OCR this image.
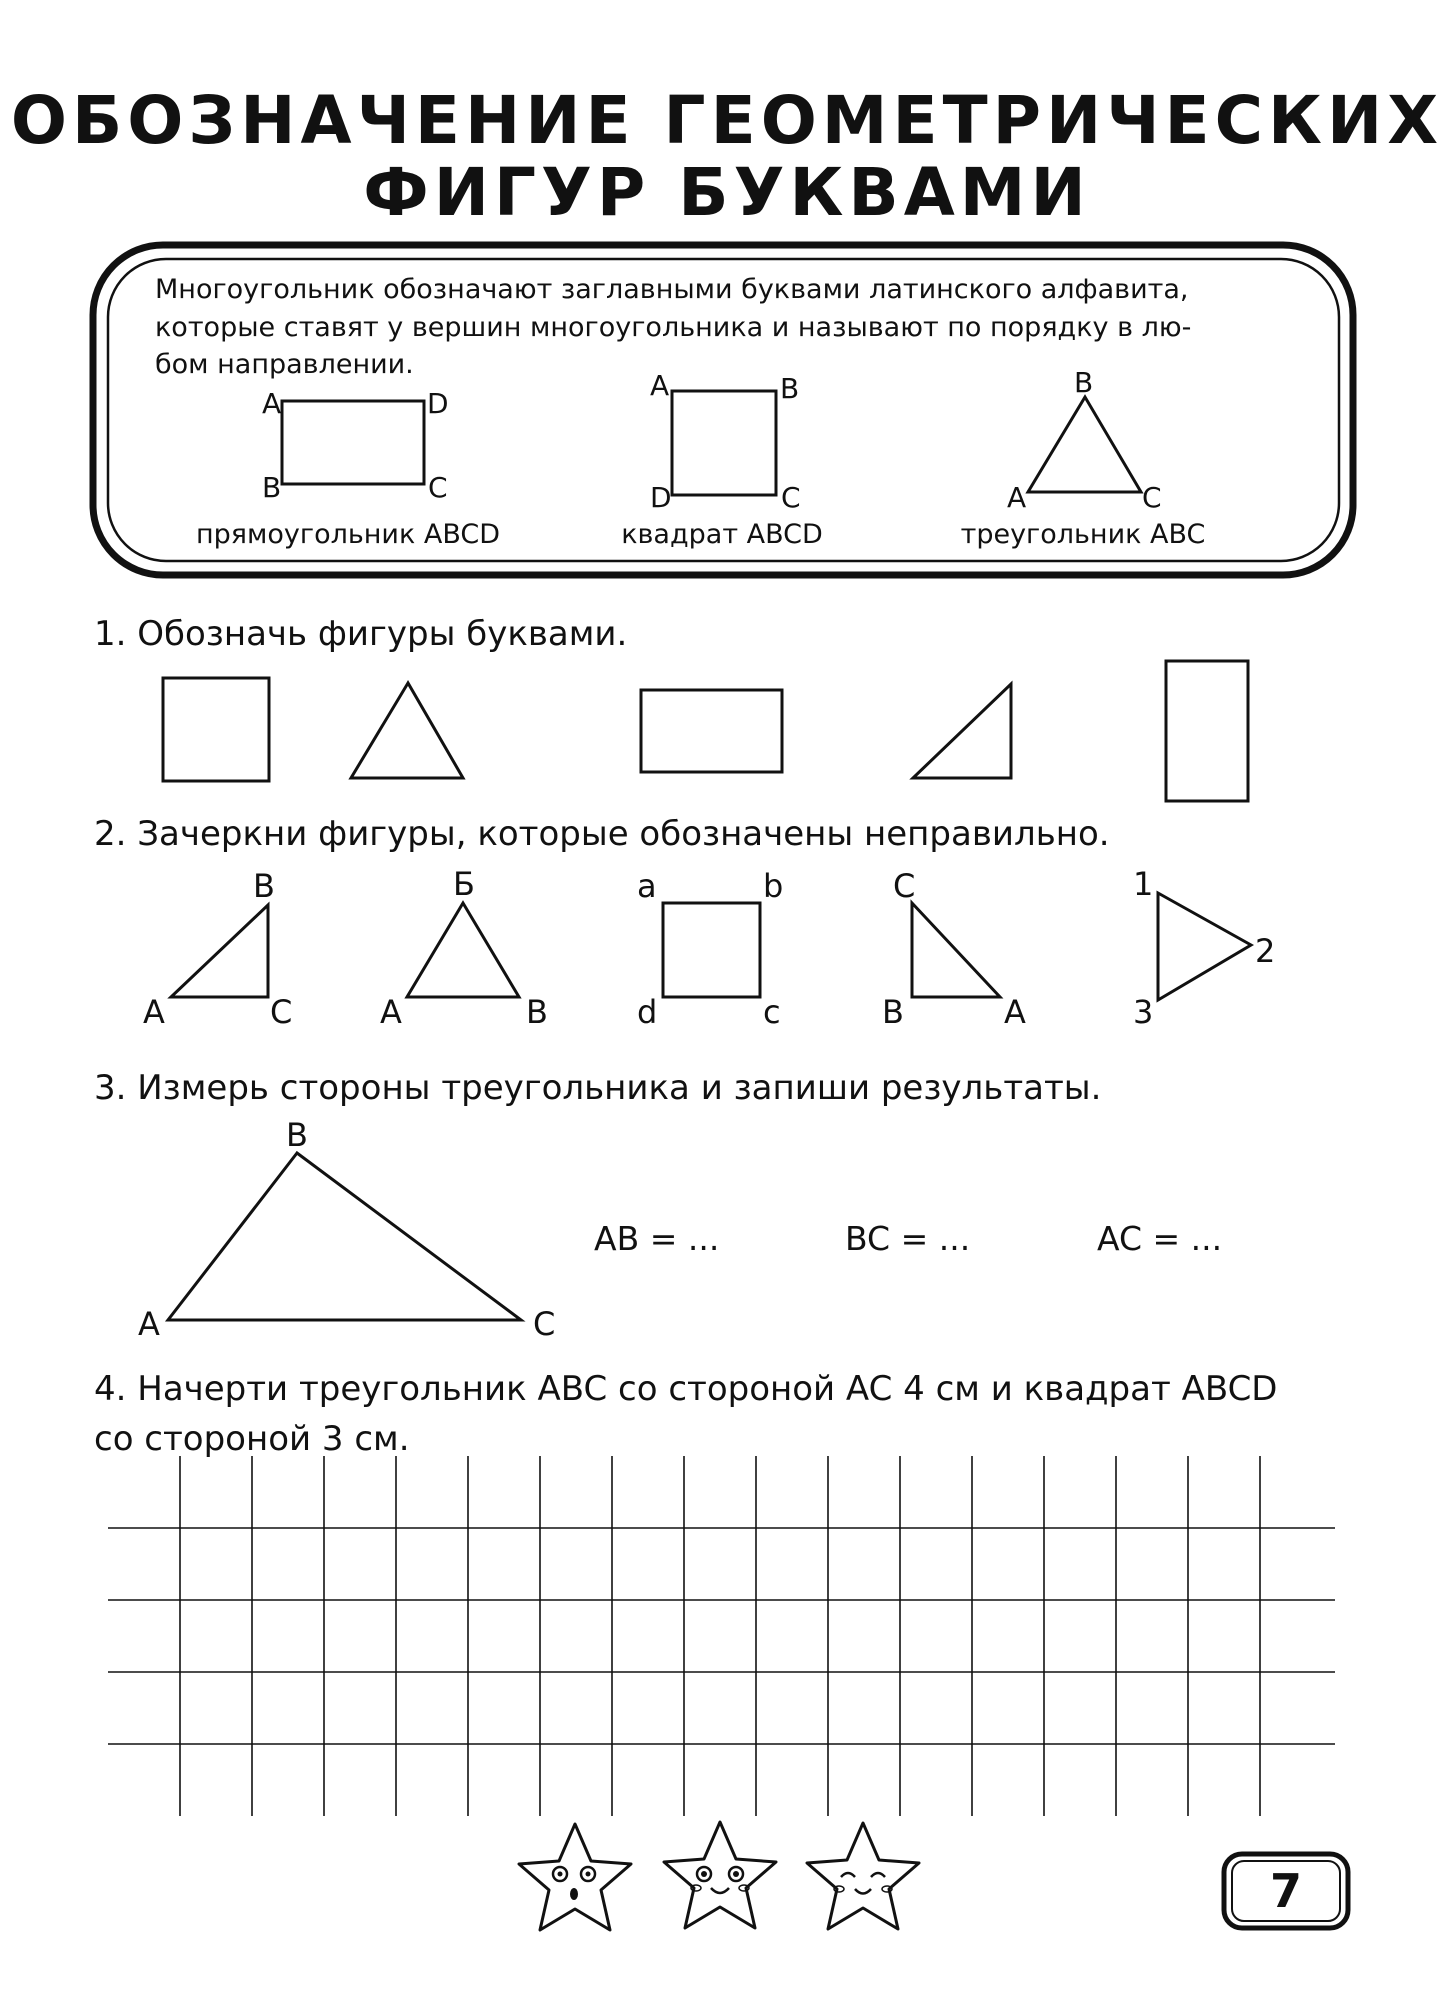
ОБОЗНАЧЕНИЕ ГЕОМЕТРИЧЕСКИХ
ФИГУР БУКВАМИ
Многоугольник обозначают заглавными буквами латинского алфавита,
которые ставят у вершин многоугольника и называют по порядку в лю-
бом направлении.
A	D
B	C
прямоугольник ABCD
A	B
D	C
квадрат ABCD
B
A	C
треугольник ABC
1. Обозначь фигуры буквами.
2. Зачеркни фигуры, которые обозначены неправильно.
B
A	C
Б
A	B
a	b
d	c
C
B	A
1
2
3
3. Измерь стороны треугольника и запиши результаты.
B
A	C
AB = ...	BC = ...	AC = ...
4. Начерти треугольник ABC со стороной AC 4 см и квадрат ABCD
со стороной 3 см.
7
